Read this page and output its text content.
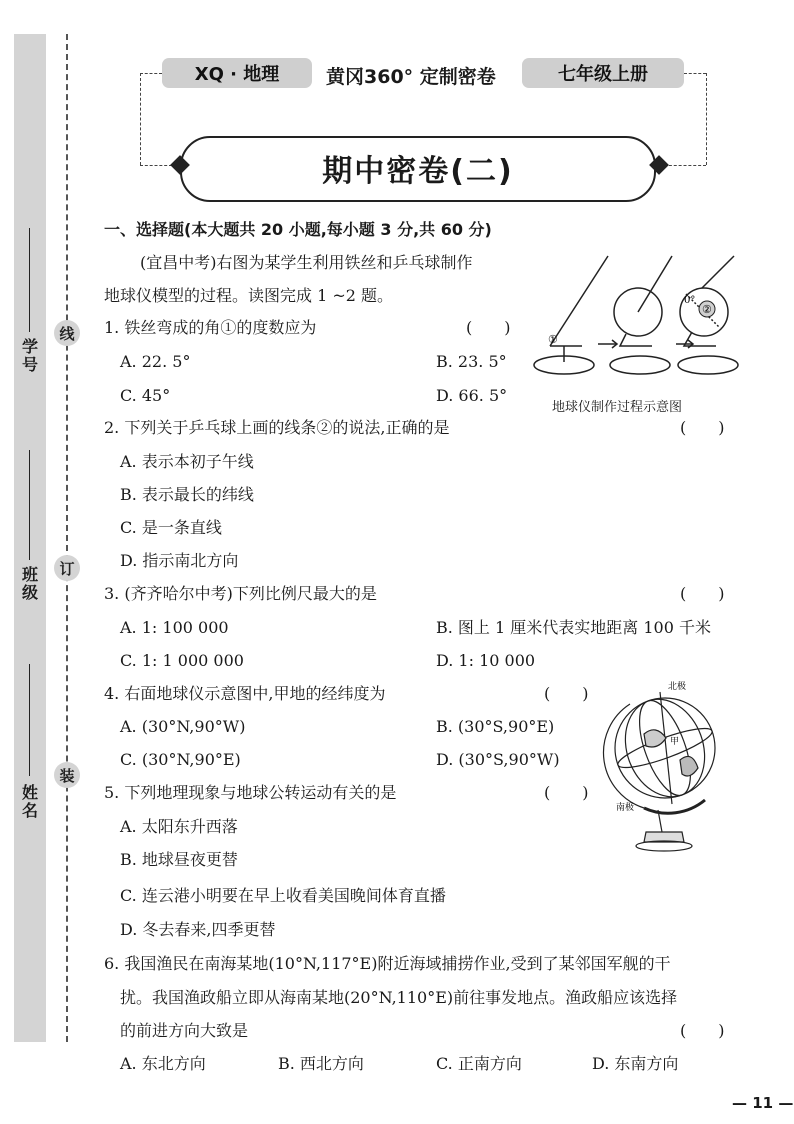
学号
班级
姓名
线
订
装
XQ · 地理	黄冈360° 定制密卷	七年级上册
期中密卷(二)
一、选择题(本大题共 20 小题,每小题 3 分,共 60 分)
(宜昌中考)右图为某学生利用铁丝和乒乓球制作
地球仪模型的过程。读图完成 1 ~2 题。
①
②
0°
地球仪制作过程示意图
北极
南极
甲
1. 铁丝弯成的角①的度数应为	(　　)
A. 22. 5°	B. 23. 5°
C. 45°	D. 66. 5°
2. 下列关于乒乓球上画的线条②的说法,正确的是	(　　)
A. 表示本初子午线
B. 表示最长的纬线
C. 是一条直线
D. 指示南北方向
3. (齐齐哈尔中考)下列比例尺最大的是	(　　)
A. 1: 100 000	B. 图上 1 厘米代表实地距离 100 千米
C. 1: 1 000 000	D. 1: 10 000
4. 右面地球仪示意图中,甲地的经纬度为	(　　)
A. (30°N,90°W)	B. (30°S,90°E)
C. (30°N,90°E)	D. (30°S,90°W)
5. 下列地理现象与地球公转运动有关的是	(　　)
A. 太阳东升西落
B. 地球昼夜更替
C. 连云港小明要在早上收看美国晚间体育直播
D. 冬去春来,四季更替
6. 我国渔民在南海某地(10°N,117°E)附近海域捕捞作业,受到了某邻国军舰的干
扰。我国渔政船立即从海南某地(20°N,110°E)前往事发地点。渔政船应该选择
的前进方向大致是	(　　)
A. 东北方向	B. 西北方向	C. 正南方向	D. 东南方向
— 11 —
